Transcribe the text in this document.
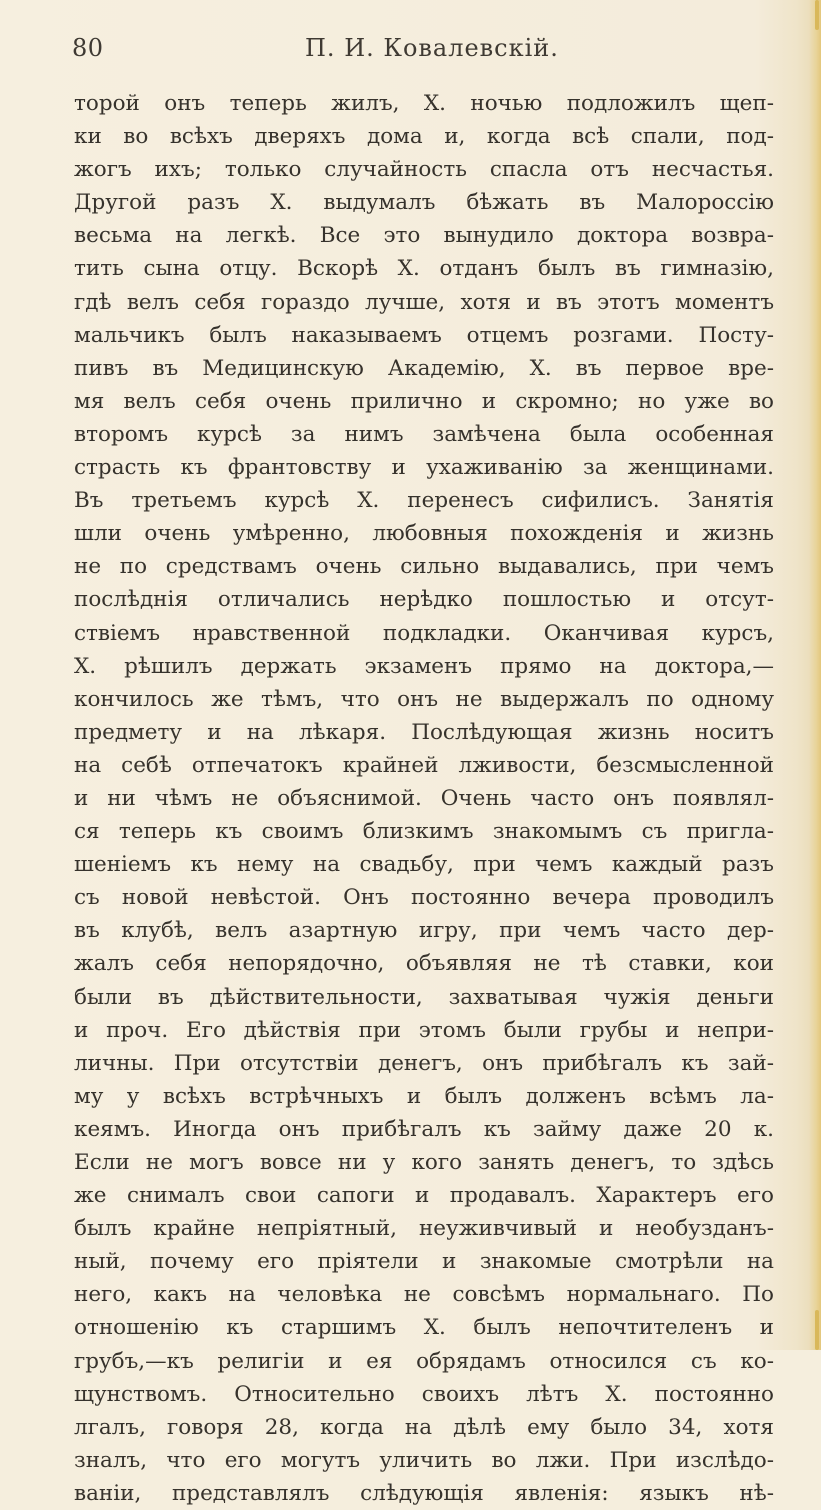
80	П. И. Ковалевскій.
торой онъ теперь жилъ, X. ночью подложилъ щеп-
ки во всѣхъ дверяхъ дома и, когда всѣ спали, под-
жогъ ихъ; только случайность спасла отъ несчастья.
Другой разъ X. выдумалъ бѣжать въ Малороссію
весьма на легкѣ. Все это вынудило доктора возвра-
тить сына отцу. Вскорѣ X. отданъ былъ въ гимназію,
гдѣ велъ себя гораздо лучше, хотя и въ этотъ моментъ
мальчикъ былъ наказываемъ отцемъ розгами. Посту-
пивъ въ Медицинскую Академію, X. въ первое вре-
мя велъ себя очень прилично и скромно; но уже во
второмъ курсѣ за нимъ замѣчена была особенная
страсть къ франтовству и ухаживанію за женщинами.
Въ третьемъ курсѣ X. перенесъ сифилисъ. Занятія
шли очень умѣренно, любовныя похожденія и жизнь
не по средствамъ очень сильно выдавались, при чемъ
послѣднія отличались нерѣдко пошлостью и отсут-
ствіемъ нравственной подкладки. Оканчивая курсъ,
X. рѣшилъ держать экзаменъ прямо на доктора,—
кончилось же тѣмъ, что онъ не выдержалъ по одному
предмету и на лѣкаря. Послѣдующая жизнь носитъ
на себѣ отпечатокъ крайней лживости, безсмысленной
и ни чѣмъ не объяснимой. Очень часто онъ появлял-
ся теперь къ своимъ близкимъ знакомымъ съ пригла-
шеніемъ къ нему на свадьбу, при чемъ каждый разъ
съ новой невѣстой. Онъ постоянно вечера проводилъ
въ клубѣ, велъ азартную игру, при чемъ часто дер-
жалъ себя непорядочно, объявляя не тѣ ставки, кои
были въ дѣйствительности, захватывая чужія деньги
и проч. Его дѣйствія при этомъ были грубы и непри-
личны. При отсутствіи денегъ, онъ прибѣгалъ къ зай-
му у всѣхъ встрѣчныхъ и былъ долженъ всѣмъ ла-
кеямъ. Иногда онъ прибѣгалъ къ займу даже 20 к.
Если не могъ вовсе ни у кого занять денегъ, то здѣсь
же снималъ свои сапоги и продавалъ. Характеръ его
былъ крайне непріятный, неуживчивый и необузданъ-
ный, почему его пріятели и знакомые смотрѣли на
него, какъ на человѣка не совсѣмъ нормальнаго. По
отношенію къ старшимъ X. былъ непочтителенъ и
грубъ,—къ религіи и ея обрядамъ относился съ ко-
щунствомъ. Относительно своихъ лѣтъ X. постоянно
лгалъ, говоря 28, когда на дѣлѣ ему было 34, хотя
зналъ, что его могутъ уличить во лжи. При изслѣдо-
ваніи, представлялъ слѣдующія явленія: языкъ нѣ-
